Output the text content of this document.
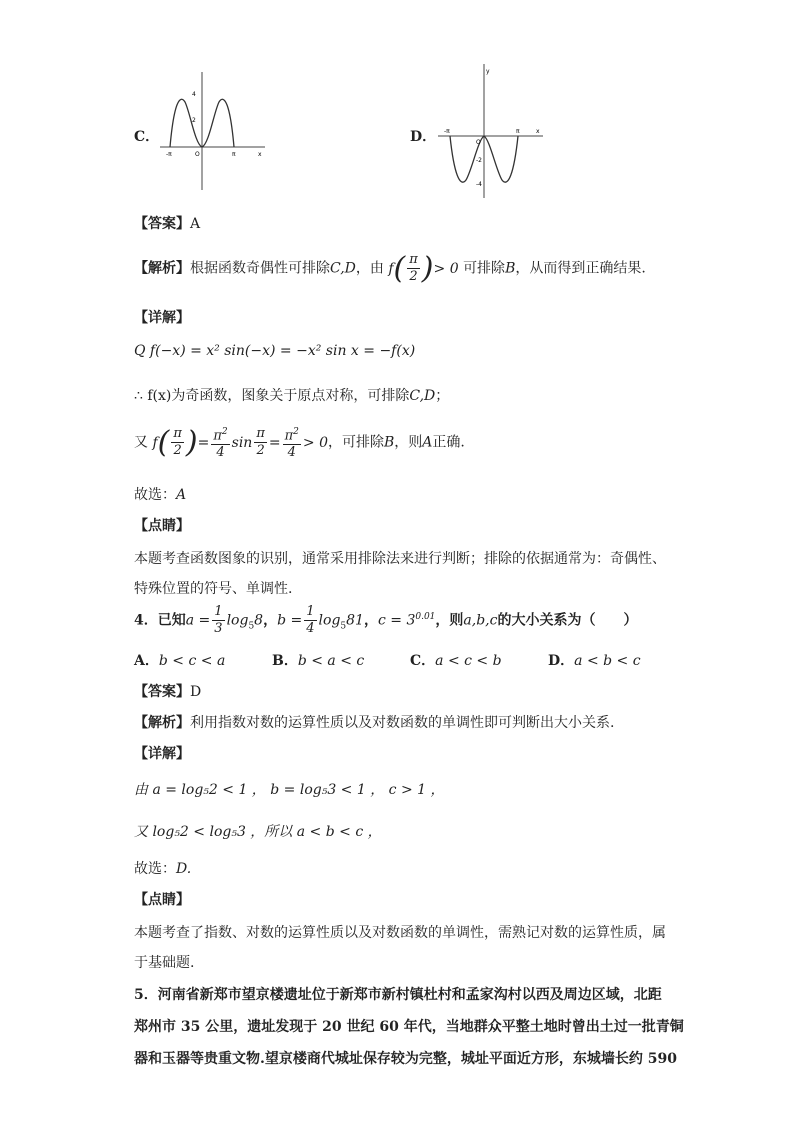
C．
4
2
-π	π
O	x
D．
y
-2
-4
-π	π
O
x
【答案】A
【解析】根据函数奇偶性可排除C,D，由 $f( \frac{\pi}{2}$ )> 0 可排除B，从而得到正确结果.
【详解】
Q f(−x) = x² sin(−x) = −x² sin x = −f(x)
∴ f(x)为奇函数，图象关于原点对称，可排除C,D；
又 $f( \frac{\pi}{2}$ )= $\frac{\pi^2}{4}$ $\sin \frac{\pi}{2} = \frac{\pi^2}{4} > 0$，可排除B，则A正确.
故选：A
【点睛】
本题考查函数图象的识别，通常采用排除法来进行判断；排除的依据通常为：奇偶性、
特殊位置的符号、单调性.
4．已知$a = \frac{1}{3} \log_58$，$b = \frac{1}{4} \log_581$，$c = 3^{0.01}$，则a,b,c的大小关系为（　　）
A．b < c < a	B．b < a < c	C．a < c < b	D．a < b < c
【答案】D
【解析】利用指数对数的运算性质以及对数函数的单调性即可判断出大小关系.
【详解】
由 a = log₅2 < 1 ， b = log₅3 < 1 ， c > 1 ，
又 log₅2 < log₅3 ，所以 a < b < c ，
故选：D.
【点睛】
本题考查了指数、对数的运算性质以及对数函数的单调性，需熟记对数的运算性质，属
于基础题.
5．河南省新郑市望京楼遗址位于新郑市新村镇杜村和孟家沟村以西及周边区域，北距
郑州市 35 公里，遗址发现于 20 世纪 60 年代，当地群众平整土地时曾出土过一批青铜
器和玉器等贵重文物.望京楼商代城址保存较为完整，城址平面近方形，东城墙长约 590
